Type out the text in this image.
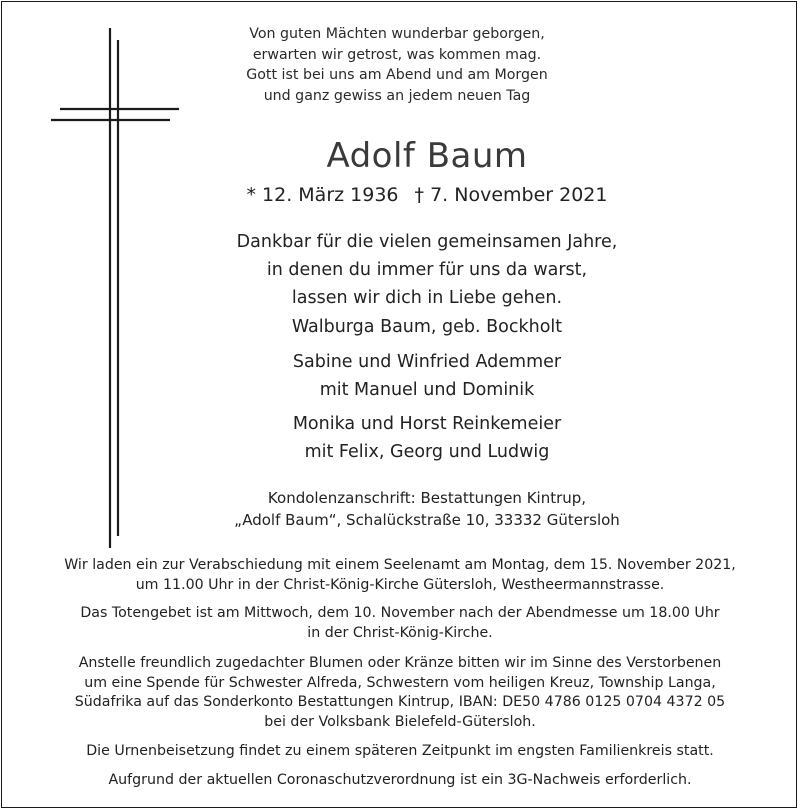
Von guten Mächten wunderbar geborgen,
erwarten wir getrost, was kommen mag.
Gott ist bei uns am Abend und am Morgen
und ganz gewiss an jedem neuen Tag
Adolf Baum
* 12. März 1936 † 7. November 2021
Dankbar für die vielen gemeinsamen Jahre,
in denen du immer für uns da warst,
lassen wir dich in Liebe gehen.
Walburga Baum, geb. Bockholt
Sabine und Winfried Ademmer
mit Manuel und Dominik
Monika und Horst Reinkemeier
mit Felix, Georg und Ludwig
Kondolenzanschrift: Bestattungen Kintrup,
„Adolf Baum“, Schalückstraße 10, 33332 Gütersloh
Wir laden ein zur Verabschiedung mit einem Seelenamt am Montag, dem 15. November 2021,
um 11.00 Uhr in der Christ-König-Kirche Gütersloh, Westheermannstrasse.
Das Totengebet ist am Mittwoch, dem 10. November nach der Abendmesse um 18.00 Uhr
in der Christ-König-Kirche.
Anstelle freundlich zugedachter Blumen oder Kränze bitten wir im Sinne des Verstorbenen
um eine Spende für Schwester Alfreda, Schwestern vom heiligen Kreuz, Township Langa,
Südafrika auf das Sonderkonto Bestattungen Kintrup, IBAN: DE50 4786 0125 0704 4372 05
bei der Volksbank Bielefeld-Gütersloh.
Die Urnenbeisetzung findet zu einem späteren Zeitpunkt im engsten Familienkreis statt.
Aufgrund der aktuellen Coronaschutzverordnung ist ein 3G-Nachweis erforderlich.
